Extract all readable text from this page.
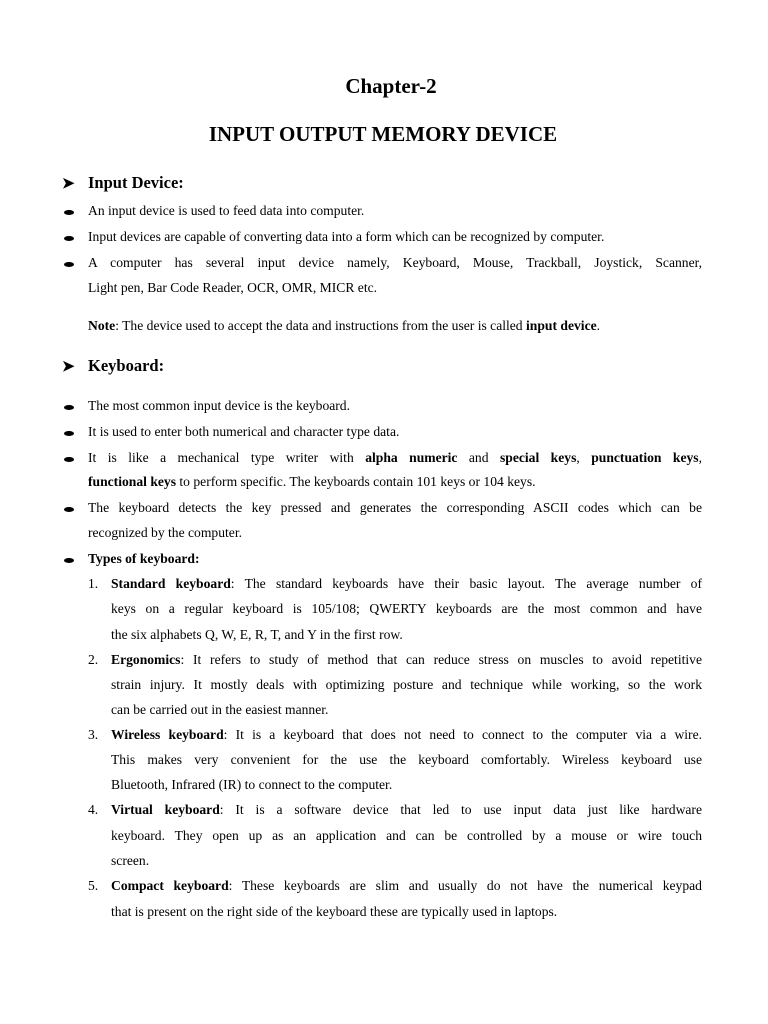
Chapter-2
INPUT OUTPUT MEMORY DEVICE
➤ Input Device:
An input device is used to feed data into computer.
Input devices are capable of converting data into a form which can be recognized by computer.
A computer has several input device namely, Keyboard, Mouse, Trackball, Joystick, Scanner,
Light pen, Bar Code Reader, OCR, OMR, MICR etc.
Note: The device used to accept the data and instructions from the user is called input device.
➤ Keyboard:
The most common input device is the keyboard.
It is used to enter both numerical and character type data.
It is like a mechanical type writer with alpha numeric and special keys, punctuation keys,
functional keys to perform specific. The keyboards contain 101 keys or 104 keys.
The keyboard detects the key pressed and generates the corresponding ASCII codes which can be
recognized by the computer.
Types of keyboard:
1. Standard keyboard: The standard keyboards have their basic layout. The average number of
keys on a regular keyboard is 105/108; QWERTY keyboards are the most common and have
the six alphabets Q, W, E, R, T, and Y in the first row.
2. Ergonomics: It refers to study of method that can reduce stress on muscles to avoid repetitive
strain injury. It mostly deals with optimizing posture and technique while working, so the work
can be carried out in the easiest manner.
3. Wireless keyboard: It is a keyboard that does not need to connect to the computer via a wire.
This makes very convenient for the use the keyboard comfortably. Wireless keyboard use
Bluetooth, Infrared (IR) to connect to the computer.
4. Virtual keyboard: It is a software device that led to use input data just like hardware
keyboard. They open up as an application and can be controlled by a mouse or wire touch
screen.
5. Compact keyboard: These keyboards are slim and usually do not have the numerical keypad
that is present on the right side of the keyboard these are typically used in laptops.
